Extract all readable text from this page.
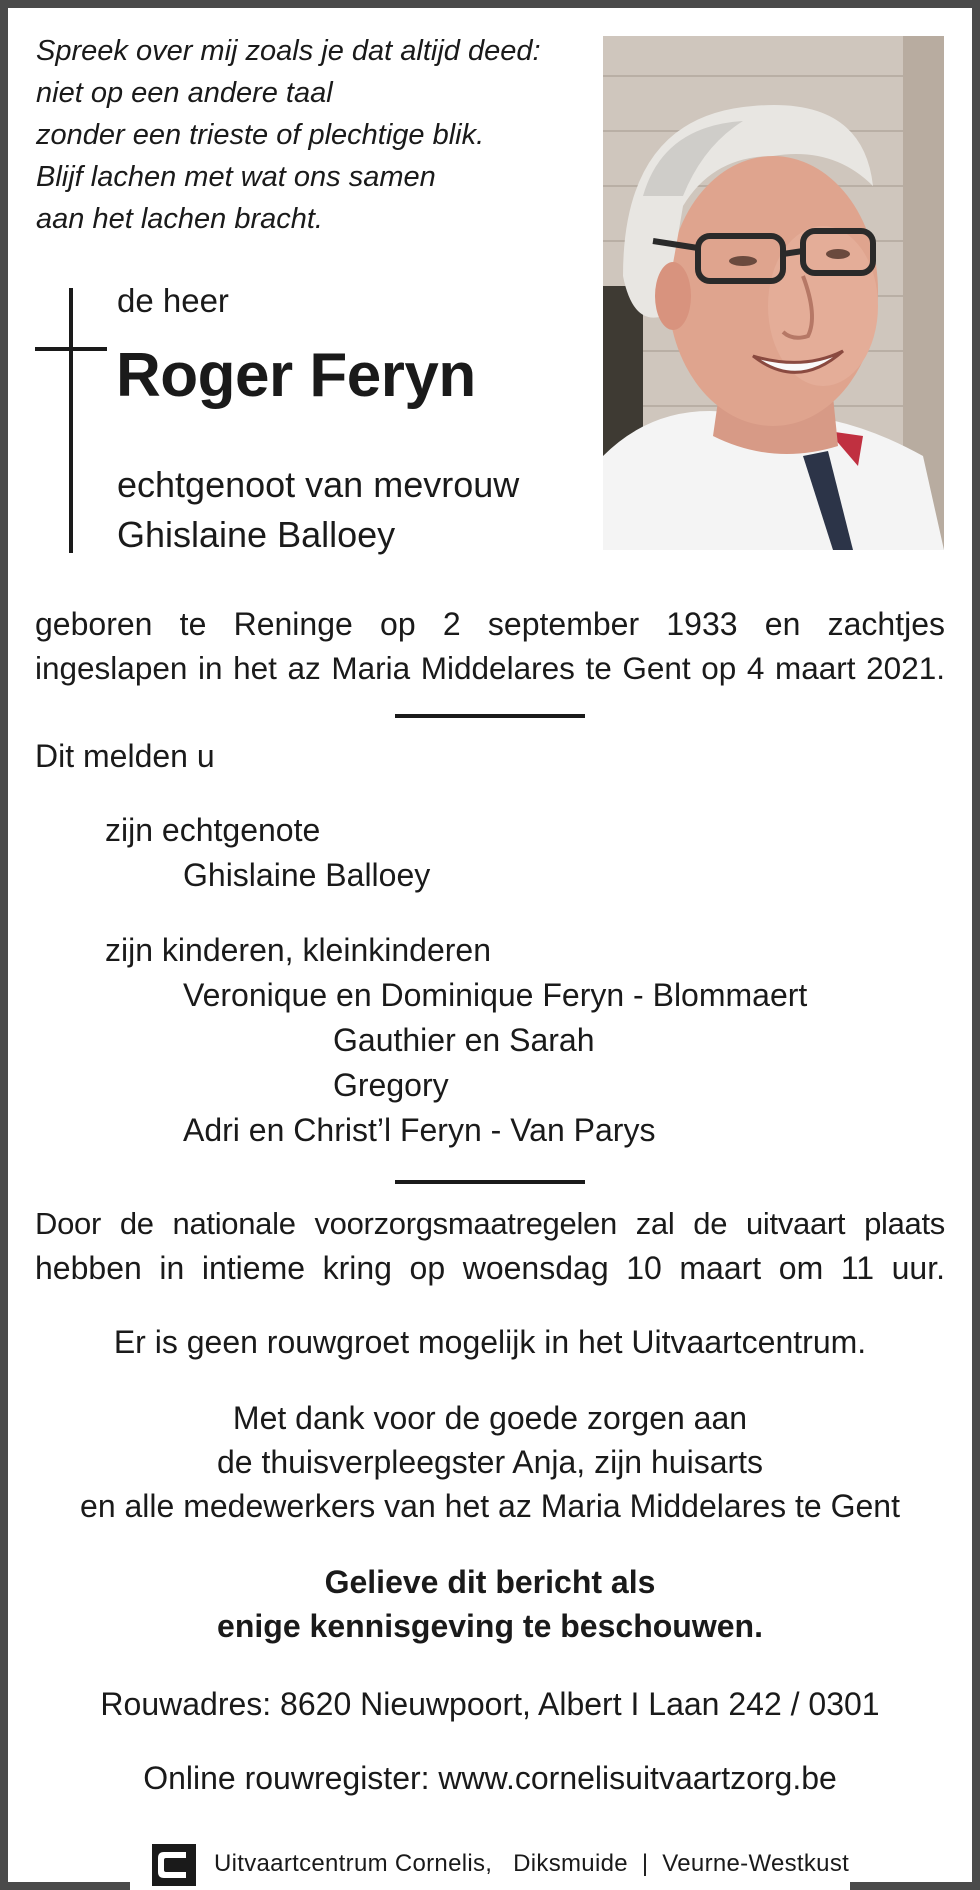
Spreek over mij zoals je dat altijd deed:
niet op een andere taal
zonder een trieste of plechtige blik.
Blijf lachen met wat ons samen
aan het lachen bracht.
de heer
Roger Feryn
echtgenoot van mevrouw
Ghislaine Balloey
geboren te Reninge op 2 september 1933 en zachtjes
ingeslapen in het az Maria Middelares te Gent op 4 maart 2021.
Dit melden u
zijn echtgenote
Ghislaine Balloey
zijn kinderen, kleinkinderen
Veronique en Dominique Feryn - Blommaert
Gauthier en Sarah
Gregory
Adri en Christ’l Feryn - Van Parys
Door de nationale voorzorgsmaatregelen zal de uitvaart plaats
hebben in intieme kring op woensdag 10 maart om 11 uur.
Er is geen rouwgroet mogelijk in het Uitvaartcentrum.
Met dank voor de goede zorgen aan
de thuisverpleegster Anja, zijn huisarts
en alle medewerkers van het az Maria Middelares te Gent
Gelieve dit bericht als
enige kennisgeving te beschouwen.
Rouwadres: 8620 Nieuwpoort, Albert I Laan 242 / 0301
Online rouwregister: www.cornelisuitvaartzorg.be
Uitvaartcentrum Cornelis,   Diksmuide  |  Veurne-Westkust
